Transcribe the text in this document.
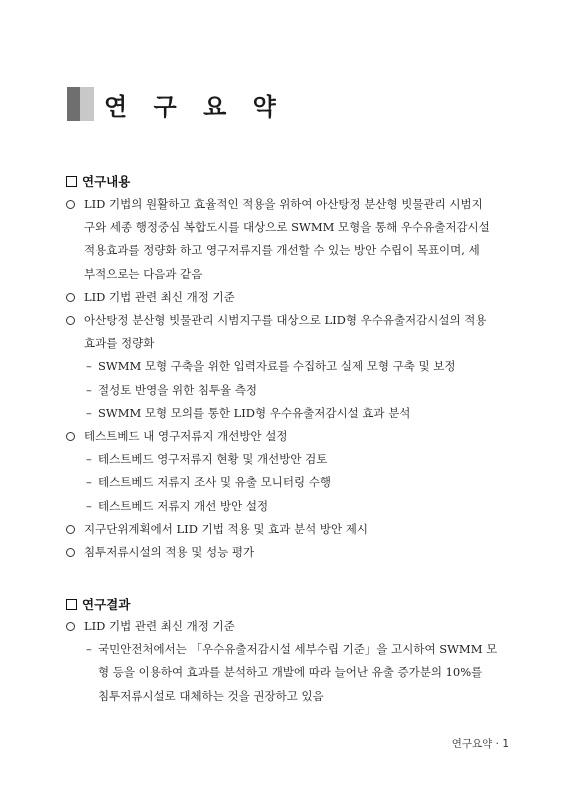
연 구 요 약
연구내용
LID 기법의 원활하고 효율적인 적용을 위하여 아산탕정 분산형 빗물관리 시범지
구와 세종 행정중심 복합도시를 대상으로 SWMM 모형을 통해 우수유출저감시설
적용효과를 정량화 하고 영구저류지를 개선할 수 있는 방안 수립이 목표이며, 세
부적으로는 다음과 같음
LID 기법 관련 최신 개정 기준
아산탕정 분산형 빗물관리 시범지구를 대상으로 LID형 우수유출저감시설의 적용
효과를 정량화
– SWMM 모형 구축을 위한 입력자료를 수집하고 실제 모형 구축 및 보정
– 절성토 반영을 위한 침투율 측정
– SWMM 모형 모의를 통한 LID형 우수유출저감시설 효과 분석
테스트베드 내 영구저류지 개선방안 설정
– 테스트베드 영구저류지 현황 및 개선방안 검토
– 테스트베드 저류지 조사 및 유출 모니터링 수행
– 테스트베드 저류지 개선 방안 설정
지구단위계획에서 LID 기법 적용 및 효과 분석 방안 제시
침투저류시설의 적용 및 성능 평가
연구결과
LID 기법 관련 최신 개정 기준
– 국민안전처에서는 「우수유출저감시설 세부수립 기준」을 고시하여 SWMM 모
형 등을 이용하여 효과를 분석하고 개발에 따라 늘어난 유출 증가분의 10%를
침투저류시설로 대체하는 것을 권장하고 있음
연구요약 · 1
